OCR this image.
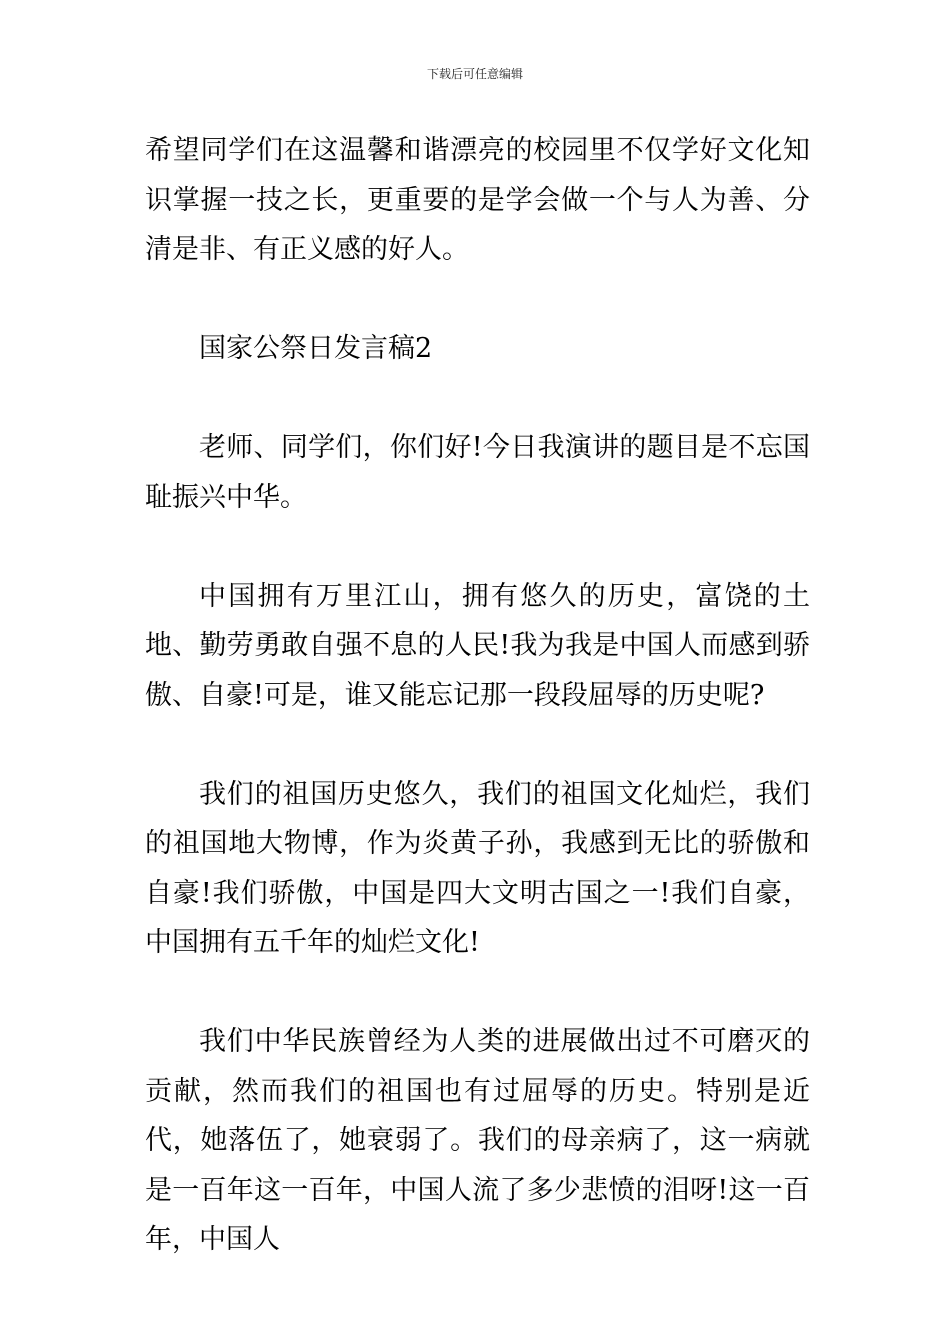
下载后可任意编辑

希望同学们在这温馨和谐漂亮的校园里不仅学好文化知识掌握一技之长，更重要的是学会做一个与人为善、分清是非、有正义感的好人。

国家公祭日发言稿2

老师、同学们，你们好!今日我演讲的题目是不忘国耻振兴中华。

中国拥有万里江山，拥有悠久的历史，富饶的土地、勤劳勇敢自强不息的人民!我为我是中国人而感到骄傲、自豪!可是，谁又能忘记那一段段屈辱的历史呢?

我们的祖国历史悠久，我们的祖国文化灿烂，我们的祖国地大物博，作为炎黄子孙，我感到无比的骄傲和自豪!我们骄傲，中国是四大文明古国之一!我们自豪，中国拥有五千年的灿烂文化!

我们中华民族曾经为人类的进展做出过不可磨灭的贡献，然而我们的祖国也有过屈辱的历史。特别是近代，她落伍了，她衰弱了。我们的母亲病了，这一病就是一百年这一百年，中国人流了多少悲愤的泪呀!这一百年，中国人
